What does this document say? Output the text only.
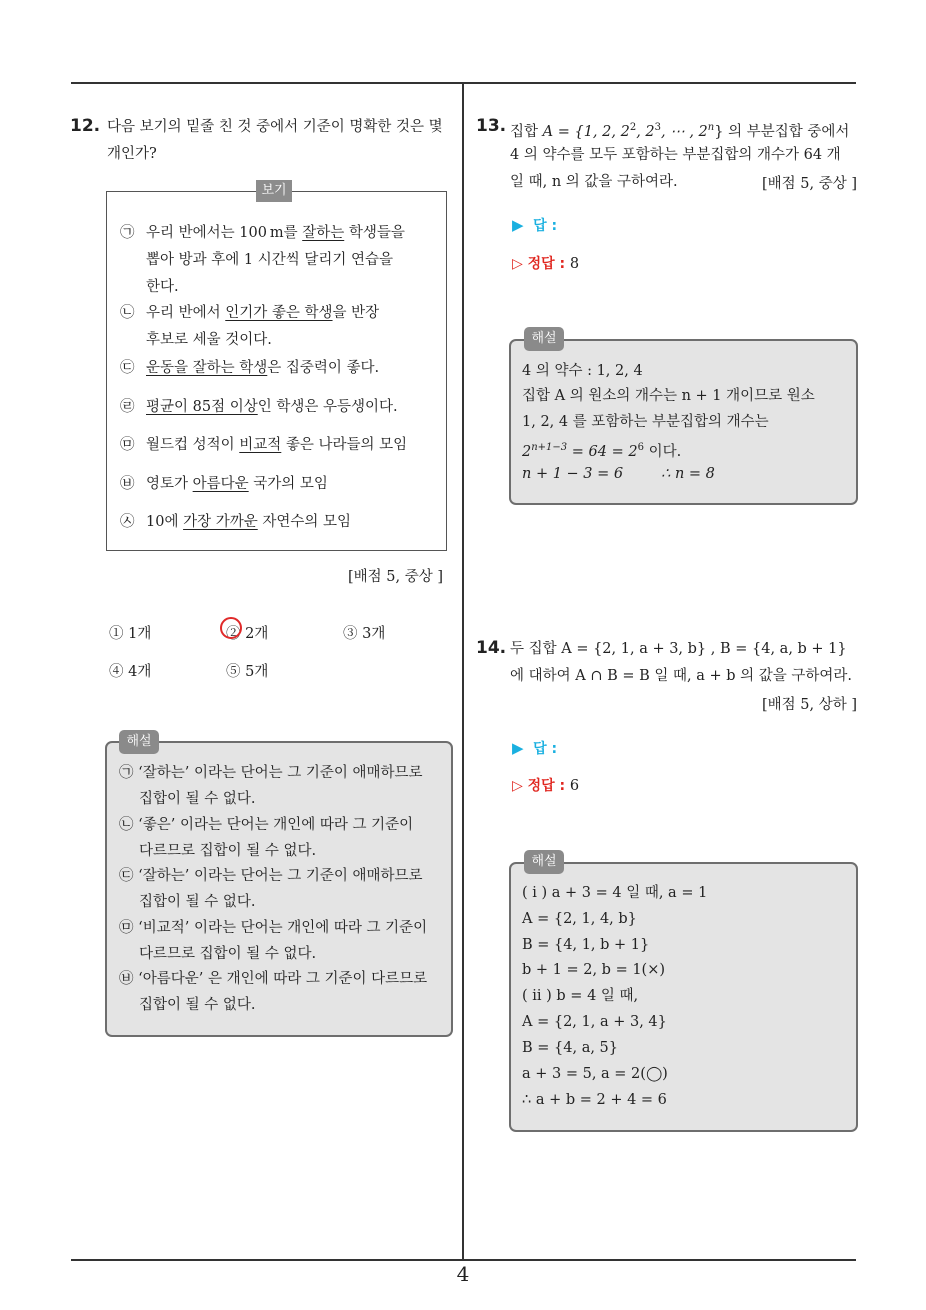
12. 다음 보기의 밑줄 친 것 중에서 기준이 명확한 것은 몇
개인가?
보기
㉠ 우리 반에서는 100 m를 잘하는 학생들을
뽑아 방과 후에 1 시간씩 달리기 연습을
한다.
㉡ 우리 반에서 인기가 좋은 학생을 반장
후보로 세울 것이다.
㉢ 운동을 잘하는 학생은 집중력이 좋다.
㉣ 평균이 85점 이상인 학생은 우등생이다.
㉤ 월드컵 성적이 비교적 좋은 나라들의 모임
㉥ 영토가 아름다운 국가의 모임
㉦ 10에 가장 가까운 자연수의 모임
[배점 5, 중상 ]
① 1개	② 2개	③ 3개
④ 4개	⑤ 5개
해설
㉠ ‘잘하는’ 이라는 단어는 그 기준이 애매하므로
집합이 될 수 없다.
㉡ ‘좋은’ 이라는 단어는 개인에 따라 그 기준이
다르므로 집합이 될 수 없다.
㉢ ‘잘하는’ 이라는 단어는 그 기준이 애매하므로
집합이 될 수 없다.
㉤ ‘비교적’ 이라는 단어는 개인에 따라 그 기준이
다르므로 집합이 될 수 없다.
㉥ ‘아름다운’ 은 개인에 따라 그 기준이 다르므로
집합이 될 수 없다.
13. 집합 A = {1, 2, $2^2$, $2^3$, ⋯ , 2$^n$} 의 부분집합 중에서
4 의 약수를 모두 포함하는 부분집합의 개수가 64 개
일 때, n 의 값을 구하여라.	[배점 5, 중상 ]
▶ 답 :
▷ 정답 : 8
해설
4 의 약수 : 1, 2, 4
집합 A 의 원소의 개수는 n + 1 개이므로 원소
1, 2, 4 를 포함하는 부분집합의 개수는
$2^{n+1-3} = 64 = 2^6$ 이다.
n + 1 − 3 = 6	∴ n = 8
14. 두 집합 A = {2, 1, a + 3, b} , B = {4, a, b + 1}
에 대하여 A ∩ B = B 일 때, a + b 의 값을 구하여라.
[배점 5, 상하 ]
▶ 답 :
▷ 정답 : 6
해설
( i ) a + 3 = 4 일 때, a = 1
A = {2, 1, 4, b}
B = {4, 1, b + 1}
b + 1 = 2, b = 1(×)
( ii ) b = 4 일 때,
A = {2, 1, a + 3, 4}
B = {4, a, 5}
a + 3 = 5, a = 2(◯)
∴ a + b = 2 + 4 = 6
4
